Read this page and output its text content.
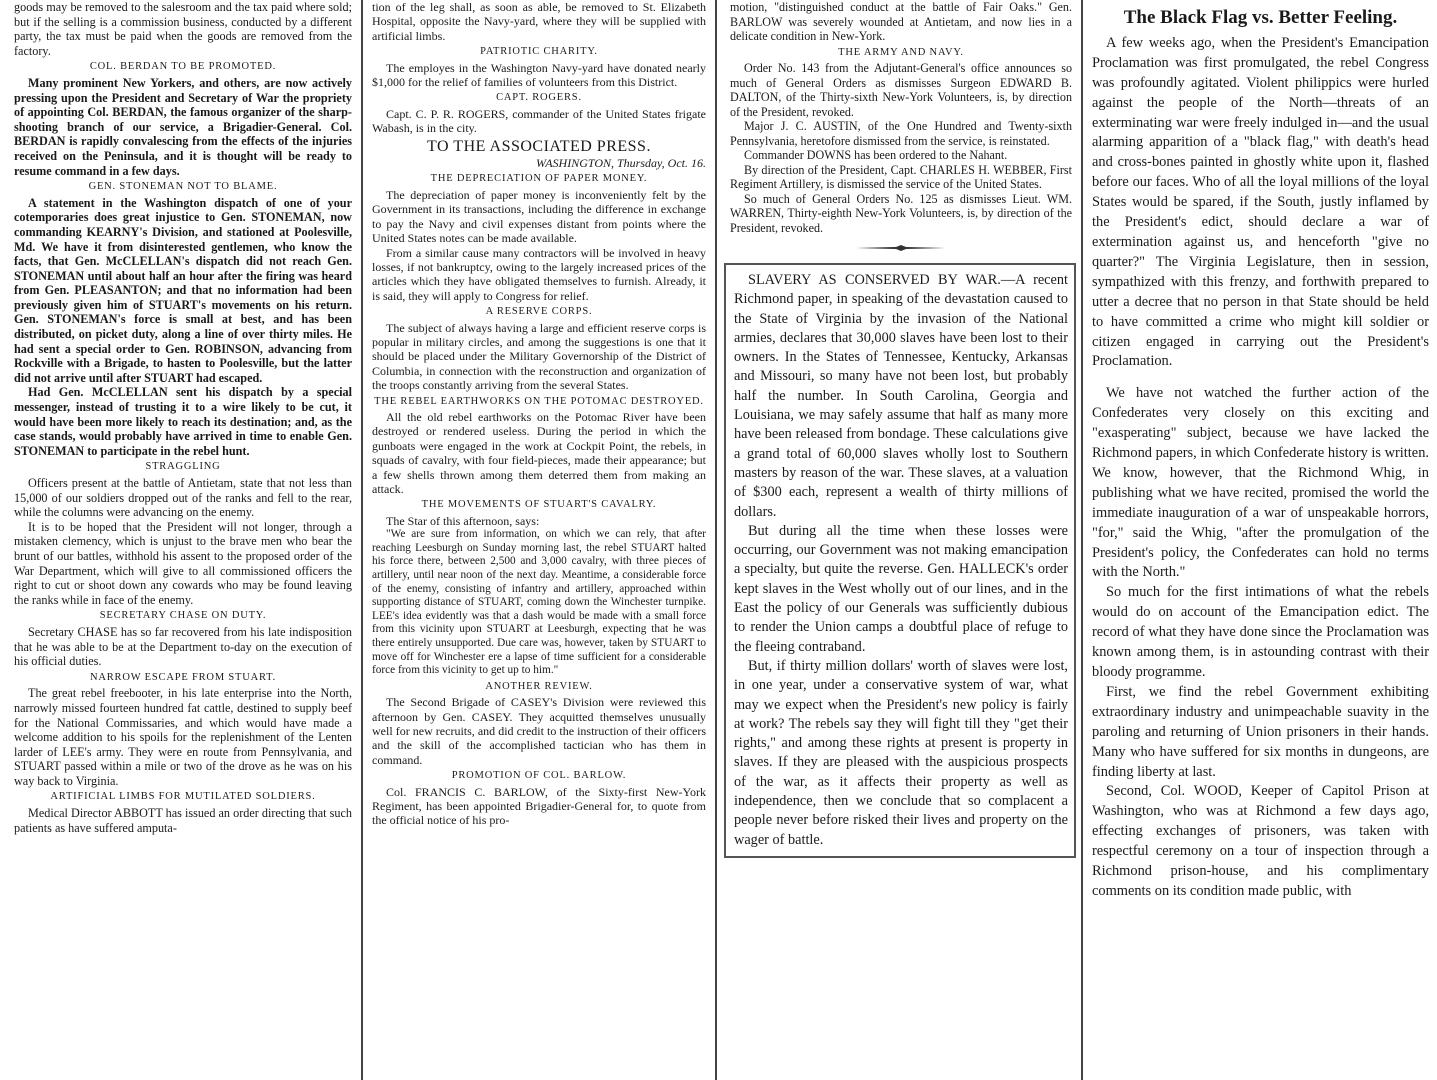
goods may be removed to the salesroom and the tax paid where sold; but if the selling is a commission business, conducted by a different party, the tax must be paid when the goods are removed from the factory.

COL. BERDAN TO BE PROMOTED.

Many prominent New Yorkers, and others, are now actively pressing upon the President and Secretary of War the propriety of appointing Col. BERDAN, the famous organizer of the sharp-shooting branch of our service, a Brigadier-General. Col. BERDAN is rapidly convalescing from the effects of the injuries received on the Peninsula, and it is thought will be ready to resume command in a few days.

GEN. STONEMAN NOT TO BLAME.

A statement in the Washington dispatch of one of your cotemporaries does great injustice to Gen. STONEMAN, now commanding KEARNY's Division, and stationed at Poolesville, Md. We have it from disinterested gentlemen, who know the facts, that Gen. McCLELLAN's dispatch did not reach Gen. STONEMAN until about half an hour after the firing was heard from Gen. PLEASANTON; and that no information had been previously given him of STUART's movements on his return. Gen. STONEMAN's force is small at best, and has been distributed, on picket duty, along a line of over thirty miles. He had sent a special order to Gen. ROBINSON, advancing from Rockville with a Brigade, to hasten to Poolesville, but the latter did not arrive until after STUART had escaped.

Had Gen. McCLELLAN sent his dispatch by a special messenger, instead of trusting it to a wire likely to be cut, it would have been more likely to reach its destination; and, as the case stands, would probably have arrived in time to enable Gen. STONEMAN to participate in the rebel hunt.

STRAGGLING

Officers present at the battle of Antietam, state that not less than 15,000 of our soldiers dropped out of the ranks and fell to the rear, while the columns were advancing on the enemy.

It is to be hoped that the President will not longer, through a mistaken clemency, which is unjust to the brave men who bear the brunt of our battles, withhold his assent to the proposed order of the War Department, which will give to all commissioned officers the right to cut or shoot down any cowards who may be found leaving the ranks while in face of the enemy.

SECRETARY CHASE ON DUTY.

Secretary CHASE has so far recovered from his late indisposition that he was able to be at the Department to-day on the execution of his official duties.

NARROW ESCAPE FROM STUART.

The great rebel freebooter, in his late enterprise into the North, narrowly missed fourteen hundred fat cattle, destined to supply beef for the National Commissaries, and which would have made a welcome addition to his spoils for the replenishment of the Lenten larder of LEE's army. They were en route from Pennsylvania, and STUART passed within a mile or two of the drove as he was on his way back to Virginia.

ARTIFICIAL LIMBS FOR MUTILATED SOLDIERS.

Medical Director ABBOTT has issued an order directing that such patients as have suffered amputa-

tion of the leg shall, as soon as able, be removed to St. Elizabeth Hospital, opposite the Navy-yard, where they will be supplied with artificial limbs.

PATRIOTIC CHARITY.

The employes in the Washington Navy-yard have donated nearly $1,000 for the relief of families of volunteers from this District.

CAPT. ROGERS.

Capt. C. P. R. ROGERS, commander of the United States frigate Wabash, is in the city.

TO THE ASSOCIATED PRESS.

WASHINGTON, Thursday, Oct. 16.

THE DEPRECIATION OF PAPER MONEY.

The depreciation of paper money is inconveniently felt by the Government in its transactions, including the difference in exchange to pay the Navy and civil expenses distant from points where the United States notes can be made available.

From a similar cause many contractors will be involved in heavy losses, if not bankruptcy, owing to the largely increased prices of the articles which they have obligated themselves to furnish. Already, it is said, they will apply to Congress for relief.

A RESERVE CORPS.

The subject of always having a large and efficient reserve corps is popular in military circles, and among the suggestions is one that it should be placed under the Military Governorship of the District of Columbia, in connection with the reconstruction and organization of the troops constantly arriving from the several States.

THE REBEL EARTHWORKS ON THE POTOMAC DESTROYED.

All the old rebel earthworks on the Potomac River have been destroyed or rendered useless. During the period in which the gunboats were engaged in the work at Cockpit Point, the rebels, in squads of cavalry, with four field-pieces, made their appearance; but a few shells thrown among them deterred them from making an attack.

THE MOVEMENTS OF STUART'S CAVALRY.

The Star of this afternoon, says:

"We are sure from information, on which we can rely, that after reaching Leesburgh on Sunday morning last, the rebel STUART halted his force there, between 2,500 and 3,000 cavalry, with three pieces of artillery, until near noon of the next day. Meantime, a considerable force of the enemy, consisting of infantry and artillery, approached within supporting distance of STUART, coming down the Winchester turnpike. LEE's idea evidently was that a dash would be made with a small force from this vicinity upon STUART at Leesburgh, expecting that he was there entirely unsupported. Due care was, however, taken by STUART to move off for Winchester ere a lapse of time sufficient for a considerable force from this vicinity to get up to him."

ANOTHER REVIEW.

The Second Brigade of CASEY's Division were reviewed this afternoon by Gen. CASEY. They acquitted themselves unusually well for new recruits, and did credit to the instruction of their officers and the skill of the accomplished tactician who has them in command.

PROMOTION OF COL. BARLOW.

Col. FRANCIS C. BARLOW, of the Sixty-first New-York Regiment, has been appointed Brigadier-General for, to quote from the official notice of his pro-

motion, "distinguished conduct at the battle of Fair Oaks." Gen. BARLOW was severely wounded at Antietam, and now lies in a delicate condition in New-York.

THE ARMY AND NAVY.

Order No. 143 from the Adjutant-General's office announces so much of General Orders as dismisses Surgeon EDWARD B. DALTON, of the Thirty-sixth New-York Volunteers, is, by direction of the President, revoked.

Major J. C. AUSTIN, of the One Hundred and Twenty-sixth Pennsylvania, heretofore dismissed from the service, is reinstated.

Commander DOWNS has been ordered to the Nahant.

By direction of the President, Capt. CHARLES H. WEBBER, First Regiment Artillery, is dismissed the service of the United States.

So much of General Orders No. 125 as dismisses Lieut. WM. WARREN, Thirty-eighth New-York Volunteers, is, by direction of the President, revoked.

SLAVERY AS CONSERVED BY WAR.—A recent Richmond paper, in speaking of the devastation caused to the State of Virginia by the invasion of the National armies, declares that 30,000 slaves have been lost to their owners. In the States of Tennessee, Kentucky, Arkansas and Missouri, so many have not been lost, but probably half the number. In South Carolina, Georgia and Louisiana, we may safely assume that half as many more have been released from bondage. These calculations give a grand total of 60,000 slaves wholly lost to Southern masters by reason of the war. These slaves, at a valuation of $300 each, represent a wealth of thirty millions of dollars.

But during all the time when these losses were occurring, our Government was not making emancipation a specialty, but quite the reverse. Gen. HALLECK's order kept slaves in the West wholly out of our lines, and in the East the policy of our Generals was sufficiently dubious to render the Union camps a doubtful place of refuge to the fleeing contraband.

But, if thirty million dollars' worth of slaves were lost, in one year, under a conservative system of war, what may we expect when the President's new policy is fairly at work? The rebels say they will fight till they "get their rights," and among these rights at present is property in slaves. If they are pleased with the auspicious prospects of the war, as it affects their property as well as independence, then we conclude that so complacent a people never before risked their lives and property on the wager of battle.

The Black Flag vs. Better Feeling.

A few weeks ago, when the President's Emancipation Proclamation was first promulgated, the rebel Congress was profoundly agitated. Violent philippics were hurled against the people of the North—threats of an exterminating war were freely indulged in—and the usual alarming apparition of a "black flag," with death's head and cross-bones painted in ghostly white upon it, flashed before our faces. Who of all the loyal millions of the loyal States would be spared, if the South, justly inflamed by the President's edict, should declare a war of extermination against us, and henceforth "give no quarter?" The Virginia Legislature, then in session, sympathized with this frenzy, and forthwith prepared to utter a decree that no person in that State should be held to have committed a crime who might kill soldier or citizen engaged in carrying out the President's Proclamation.

We have not watched the further action of the Confederates very closely on this exciting and "exasperating" subject, because we have lacked the Richmond papers, in which Confederate history is written. We know, however, that the Richmond Whig, in publishing what we have recited, promised the world the immediate inauguration of a war of unspeakable horrors, "for," said the Whig, "after the promulgation of the President's policy, the Confederates can hold no terms with the North."

So much for the first intimations of what the rebels would do on account of the Emancipation edict. The record of what they have done since the Proclamation was known among them, is in astounding contrast with their bloody programme.

First, we find the rebel Government exhibiting extraordinary industry and unimpeachable suavity in the paroling and returning of Union prisoners in their hands. Many who have suffered for six months in dungeons, are finding liberty at last.

Second, Col. WOOD, Keeper of Capitol Prison at Washington, who was at Richmond a few days ago, effecting exchanges of prisoners, was taken with respectful ceremony on a tour of inspection through a Richmond prison-house, and his complimentary comments on its condition made public, with
